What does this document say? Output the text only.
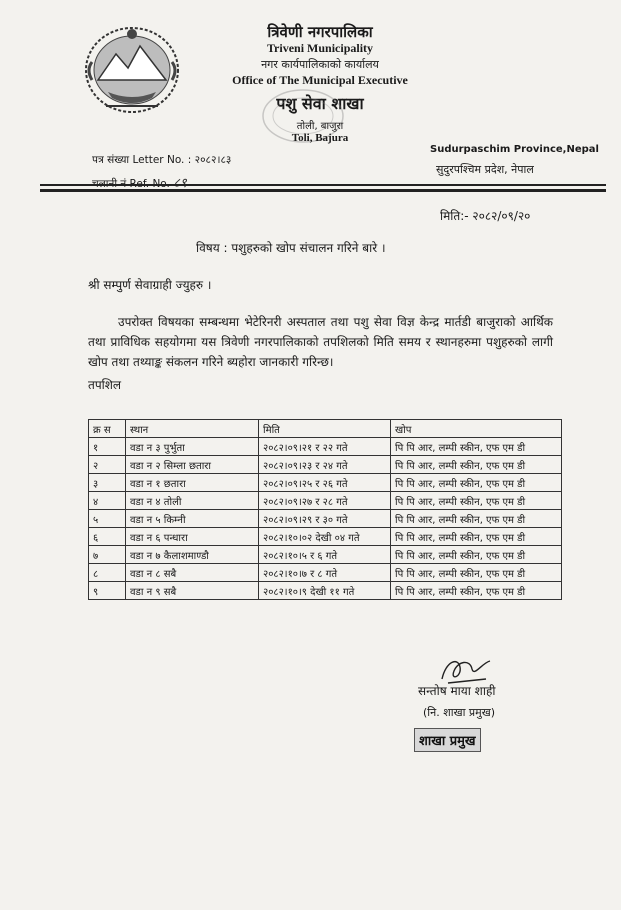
त्रिवेणी नगरपालिका
Triveni Municipality
नगर कार्यपालिकाको कार्यालय
Office of The Municipal Executive
पशु सेवा शाखा
तोली, बाजुरा
Toli, Bajura
पत्र संख्या Letter No. : २०८२।८३
Sudurpaschim Province,Nepal
सुदुरपश्चिम प्रदेश, नेपाल
मिति:- २०८२/०९/२०
विषय : पशुहरुको खोप संचालन गरिने बारे ।
श्री सम्पुर्ण सेवाग्राही ज्युहरु ।
उपरोक्त विषयका सम्बन्धमा भेटेरिनरी अस्पताल तथा पशु सेवा विज्ञ केन्द्र मार्तडी बाजुराको आर्थिक तथा प्राविधिक सहयोगमा यस त्रिवेणी नगरपालिकाको तपशिलको मिति समय र स्थानहरुमा पशुहरुको लागी खोप तथा तथ्याङ्क संकलन गरिने ब्यहोरा जानकारी गरिन्छ।
तपशिल
क्र स	स्थान	मिति	खोप
१	वडा न ३ पुर्भुता	२०८२।०९।२१ र २२ गते	पि पि आर, लम्पी स्कीन, एफ एम डी
२	वडा न २ सिम्ला छतारा	२०८२।०९।२३ र २४ गते	पि पि आर, लम्पी स्कीन, एफ एम डी
३	वडा न १ छतारा	२०८२।०९।२५ र २६ गते	पि पि आर, लम्पी स्कीन, एफ एम डी
४	वडा न ४ तोली	२०८२।०९।२७ र २८ गते	पि पि आर, लम्पी स्कीन, एफ एम डी
५	वडा न ५ किम्नी	२०८२।०९।२९ र ३० गते	पि पि आर, लम्पी स्कीन, एफ एम डी
६	वडा न ६ पन्धारा	२०८२।१०।०२ देखी ०४ गते	पि पि आर, लम्पी स्कीन, एफ एम डी
७	वडा न ७ कैलाशमाण्डौ	२०८२।१०।५ र ६ गते	पि पि आर, लम्पी स्कीन, एफ एम डी
८	वडा न ८ सबै	२०८२।१०।७ र ८ गते	पि पि आर, लम्पी स्कीन, एफ एम डी
९	वडा न ९ सबै	२०८२।१०।९ देखी ११ गते	पि पि आर, लम्पी स्कीन, एफ एम डी
सन्तोष माया शाही
(नि. शाखा प्रमुख)
शाखा प्रमुख
